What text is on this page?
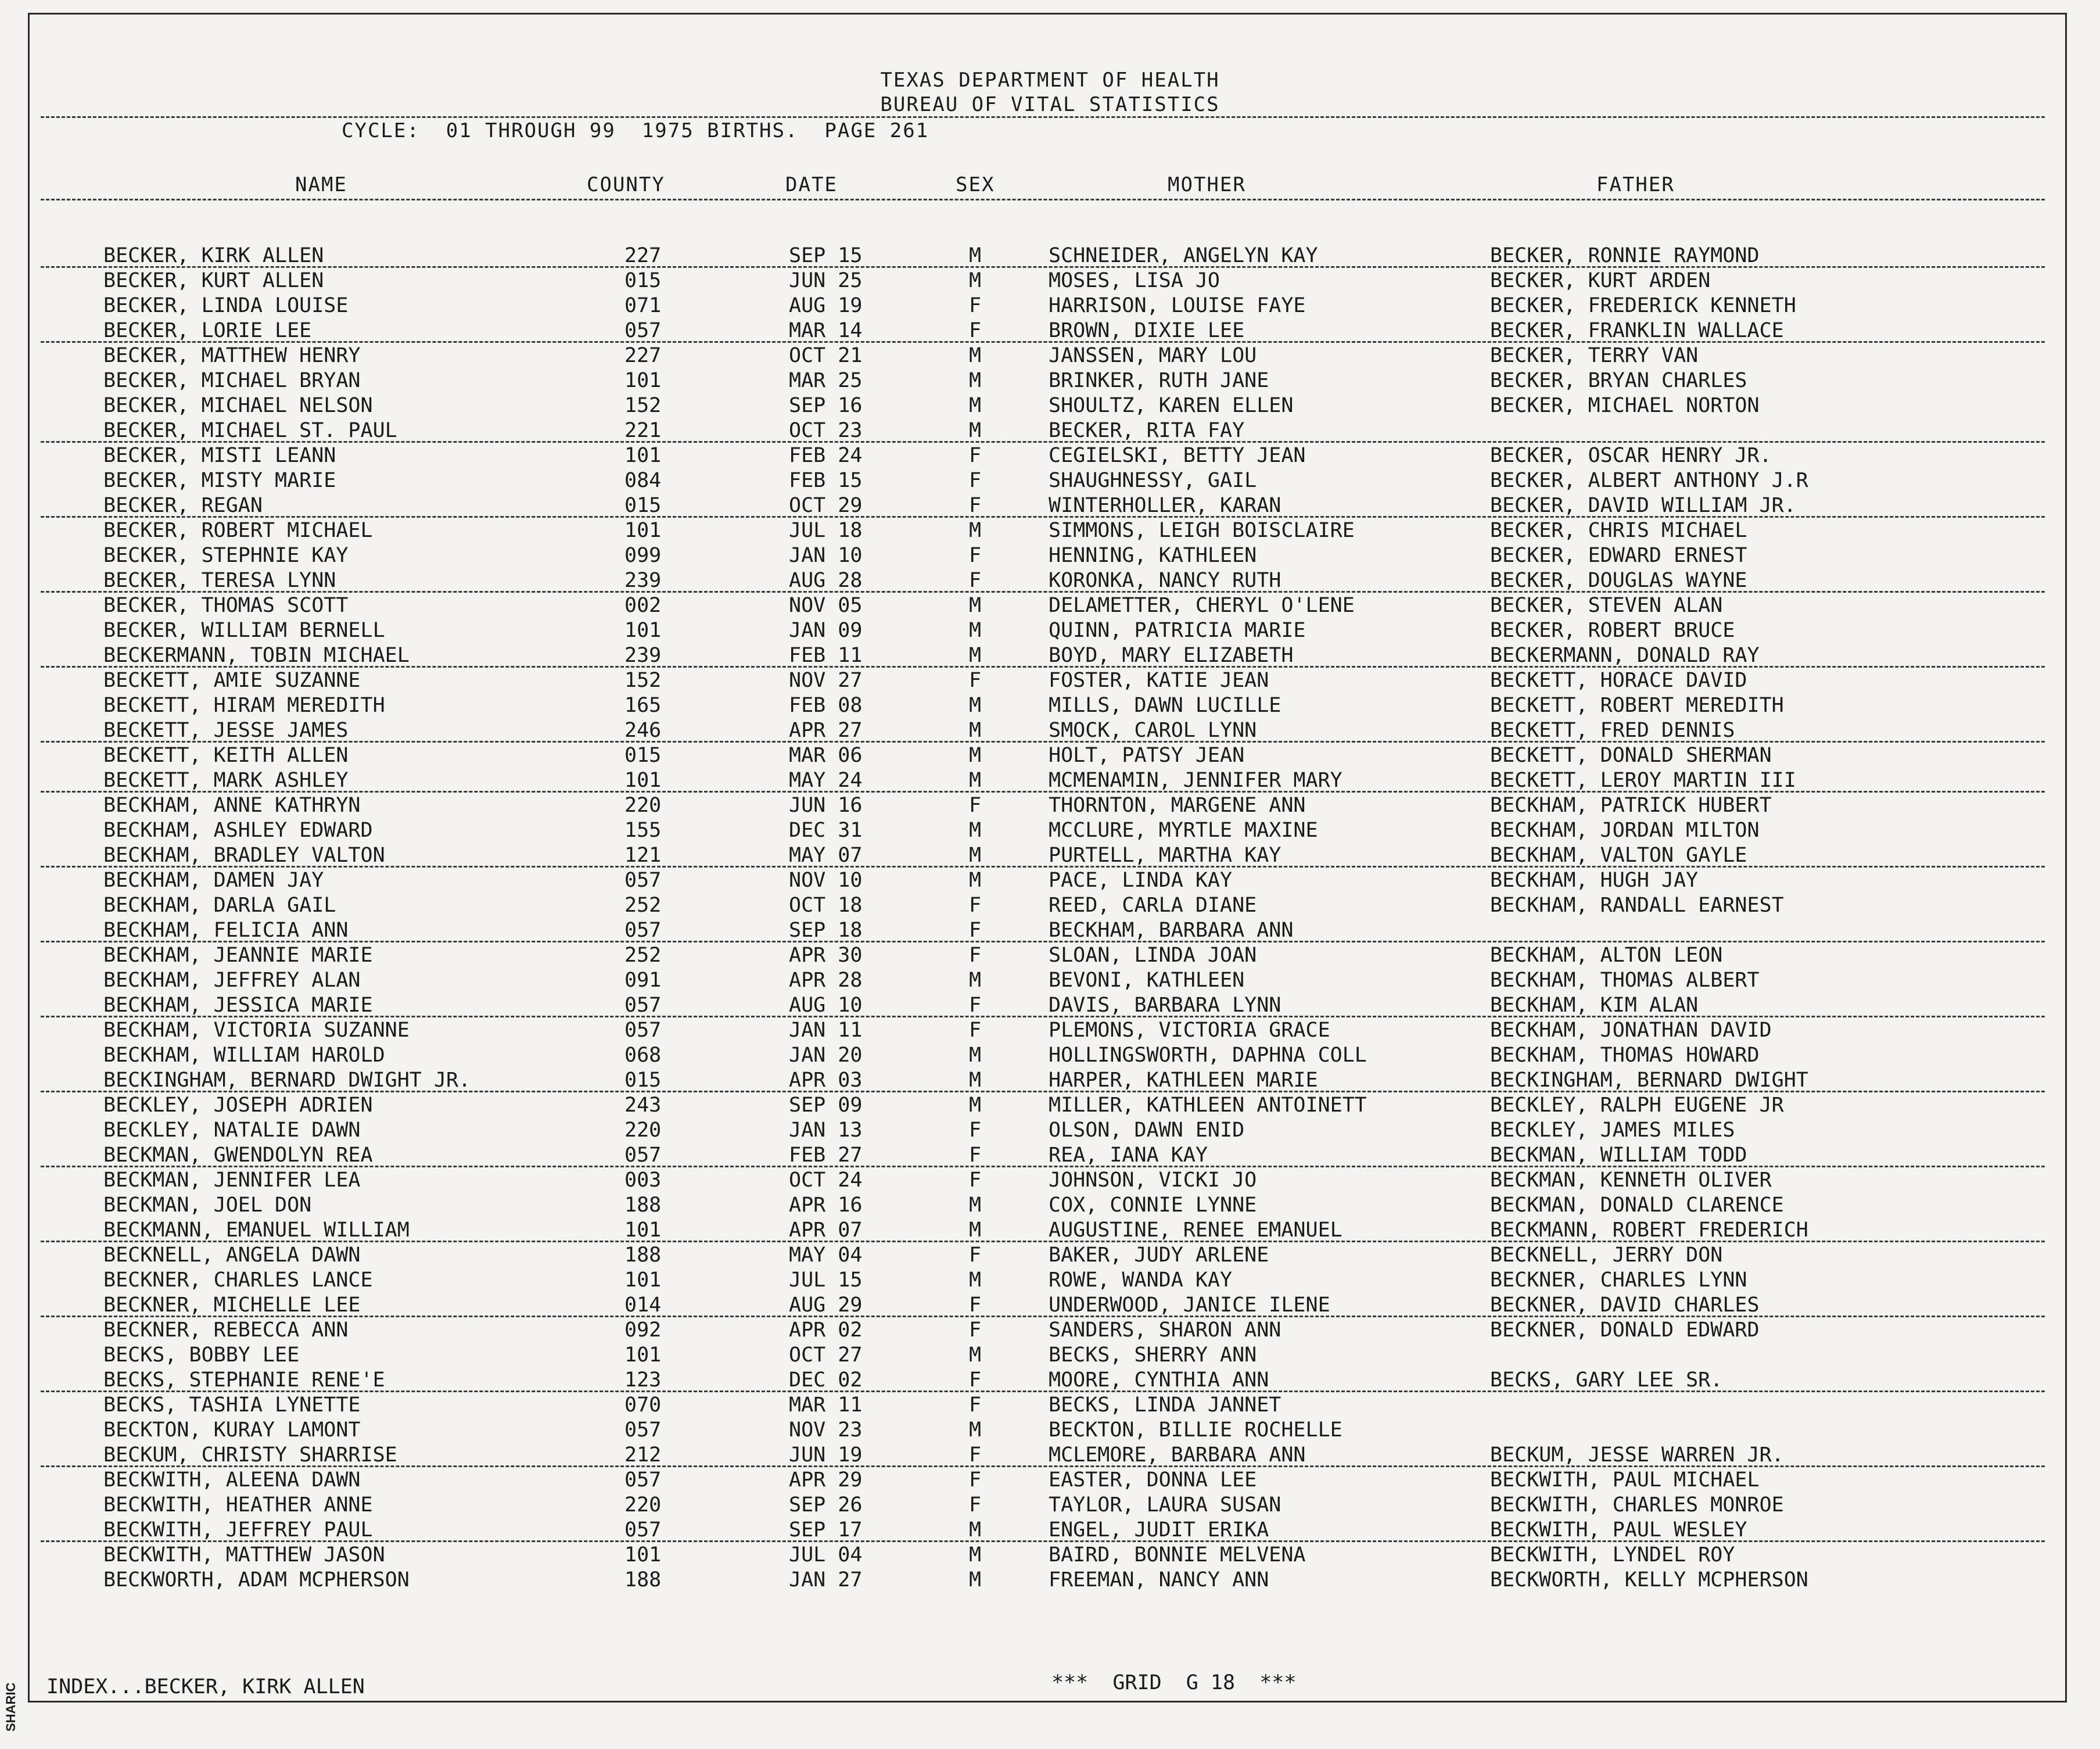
SHARIC
TEXAS DEPARTMENT OF HEALTH
BUREAU OF VITAL STATISTICS
CYCLE:  01 THROUGH 99  1975 BIRTHS.  PAGE 261
NAME	COUNTY	DATE	SEX	MOTHER	FATHER
BECKER, KIRK ALLEN	227	SEP 15	M	SCHNEIDER, ANGELYN KAY	BECKER, RONNIE RAYMOND
BECKER, KURT ALLEN	015	JUN 25	M	MOSES, LISA JO	BECKER, KURT ARDEN
BECKER, LINDA LOUISE	071	AUG 19	F	HARRISON, LOUISE FAYE	BECKER, FREDERICK KENNETH
BECKER, LORIE LEE	057	MAR 14	F	BROWN, DIXIE LEE	BECKER, FRANKLIN WALLACE
BECKER, MATTHEW HENRY	227	OCT 21	M	JANSSEN, MARY LOU	BECKER, TERRY VAN
BECKER, MICHAEL BRYAN	101	MAR 25	M	BRINKER, RUTH JANE	BECKER, BRYAN CHARLES
BECKER, MICHAEL NELSON	152	SEP 16	M	SHOULTZ, KAREN ELLEN	BECKER, MICHAEL NORTON
BECKER, MICHAEL ST. PAUL	221	OCT 23	M	BECKER, RITA FAY
BECKER, MISTI LEANN	101	FEB 24	F	CEGIELSKI, BETTY JEAN	BECKER, OSCAR HENRY JR.
BECKER, MISTY MARIE	084	FEB 15	F	SHAUGHNESSY, GAIL	BECKER, ALBERT ANTHONY J.R
BECKER, REGAN	015	OCT 29	F	WINTERHOLLER, KARAN	BECKER, DAVID WILLIAM JR.
BECKER, ROBERT MICHAEL	101	JUL 18	M	SIMMONS, LEIGH BOISCLAIRE	BECKER, CHRIS MICHAEL
BECKER, STEPHNIE KAY	099	JAN 10	F	HENNING, KATHLEEN	BECKER, EDWARD ERNEST
BECKER, TERESA LYNN	239	AUG 28	F	KORONKA, NANCY RUTH	BECKER, DOUGLAS WAYNE
BECKER, THOMAS SCOTT	002	NOV 05	M	DELAMETTER, CHERYL O'LENE	BECKER, STEVEN ALAN
BECKER, WILLIAM BERNELL	101	JAN 09	M	QUINN, PATRICIA MARIE	BECKER, ROBERT BRUCE
BECKERMANN, TOBIN MICHAEL	239	FEB 11	M	BOYD, MARY ELIZABETH	BECKERMANN, DONALD RAY
BECKETT, AMIE SUZANNE	152	NOV 27	F	FOSTER, KATIE JEAN	BECKETT, HORACE DAVID
BECKETT, HIRAM MEREDITH	165	FEB 08	M	MILLS, DAWN LUCILLE	BECKETT, ROBERT MEREDITH
BECKETT, JESSE JAMES	246	APR 27	M	SMOCK, CAROL LYNN	BECKETT, FRED DENNIS
BECKETT, KEITH ALLEN	015	MAR 06	M	HOLT, PATSY JEAN	BECKETT, DONALD SHERMAN
BECKETT, MARK ASHLEY	101	MAY 24	M	MCMENAMIN, JENNIFER MARY	BECKETT, LEROY MARTIN III
BECKHAM, ANNE KATHRYN	220	JUN 16	F	THORNTON, MARGENE ANN	BECKHAM, PATRICK HUBERT
BECKHAM, ASHLEY EDWARD	155	DEC 31	M	MCCLURE, MYRTLE MAXINE	BECKHAM, JORDAN MILTON
BECKHAM, BRADLEY VALTON	121	MAY 07	M	PURTELL, MARTHA KAY	BECKHAM, VALTON GAYLE
BECKHAM, DAMEN JAY	057	NOV 10	M	PACE, LINDA KAY	BECKHAM, HUGH JAY
BECKHAM, DARLA GAIL	252	OCT 18	F	REED, CARLA DIANE	BECKHAM, RANDALL EARNEST
BECKHAM, FELICIA ANN	057	SEP 18	F	BECKHAM, BARBARA ANN
BECKHAM, JEANNIE MARIE	252	APR 30	F	SLOAN, LINDA JOAN	BECKHAM, ALTON LEON
BECKHAM, JEFFREY ALAN	091	APR 28	M	BEVONI, KATHLEEN	BECKHAM, THOMAS ALBERT
BECKHAM, JESSICA MARIE	057	AUG 10	F	DAVIS, BARBARA LYNN	BECKHAM, KIM ALAN
BECKHAM, VICTORIA SUZANNE	057	JAN 11	F	PLEMONS, VICTORIA GRACE	BECKHAM, JONATHAN DAVID
BECKHAM, WILLIAM HAROLD	068	JAN 20	M	HOLLINGSWORTH, DAPHNA COLL	BECKHAM, THOMAS HOWARD
BECKINGHAM, BERNARD DWIGHT JR.	015	APR 03	M	HARPER, KATHLEEN MARIE	BECKINGHAM, BERNARD DWIGHT
BECKLEY, JOSEPH ADRIEN	243	SEP 09	M	MILLER, KATHLEEN ANTOINETT	BECKLEY, RALPH EUGENE JR
BECKLEY, NATALIE DAWN	220	JAN 13	F	OLSON, DAWN ENID	BECKLEY, JAMES MILES
BECKMAN, GWENDOLYN REA	057	FEB 27	F	REA, IANA KAY	BECKMAN, WILLIAM TODD
BECKMAN, JENNIFER LEA	003	OCT 24	F	JOHNSON, VICKI JO	BECKMAN, KENNETH OLIVER
BECKMAN, JOEL DON	188	APR 16	M	COX, CONNIE LYNNE	BECKMAN, DONALD CLARENCE
BECKMANN, EMANUEL WILLIAM	101	APR 07	M	AUGUSTINE, RENEE EMANUEL	BECKMANN, ROBERT FREDERICH
BECKNELL, ANGELA DAWN	188	MAY 04	F	BAKER, JUDY ARLENE	BECKNELL, JERRY DON
BECKNER, CHARLES LANCE	101	JUL 15	M	ROWE, WANDA KAY	BECKNER, CHARLES LYNN
BECKNER, MICHELLE LEE	014	AUG 29	F	UNDERWOOD, JANICE ILENE	BECKNER, DAVID CHARLES
BECKNER, REBECCA ANN	092	APR 02	F	SANDERS, SHARON ANN	BECKNER, DONALD EDWARD
BECKS, BOBBY LEE	101	OCT 27	M	BECKS, SHERRY ANN
BECKS, STEPHANIE RENE'E	123	DEC 02	F	MOORE, CYNTHIA ANN	BECKS, GARY LEE SR.
BECKS, TASHIA LYNETTE	070	MAR 11	F	BECKS, LINDA JANNET
BECKTON, KURAY LAMONT	057	NOV 23	M	BECKTON, BILLIE ROCHELLE
BECKUM, CHRISTY SHARRISE	212	JUN 19	F	MCLEMORE, BARBARA ANN	BECKUM, JESSE WARREN JR.
BECKWITH, ALEENA DAWN	057	APR 29	F	EASTER, DONNA LEE	BECKWITH, PAUL MICHAEL
BECKWITH, HEATHER ANNE	220	SEP 26	F	TAYLOR, LAURA SUSAN	BECKWITH, CHARLES MONROE
BECKWITH, JEFFREY PAUL	057	SEP 17	M	ENGEL, JUDIT ERIKA	BECKWITH, PAUL WESLEY
BECKWITH, MATTHEW JASON	101	JUL 04	M	BAIRD, BONNIE MELVENA	BECKWITH, LYNDEL ROY
BECKWORTH, ADAM MCPHERSON	188	JAN 27	M	FREEMAN, NANCY ANN	BECKWORTH, KELLY MCPHERSON
INDEX...BECKER, KIRK ALLEN	***  GRID  G 18  ***
